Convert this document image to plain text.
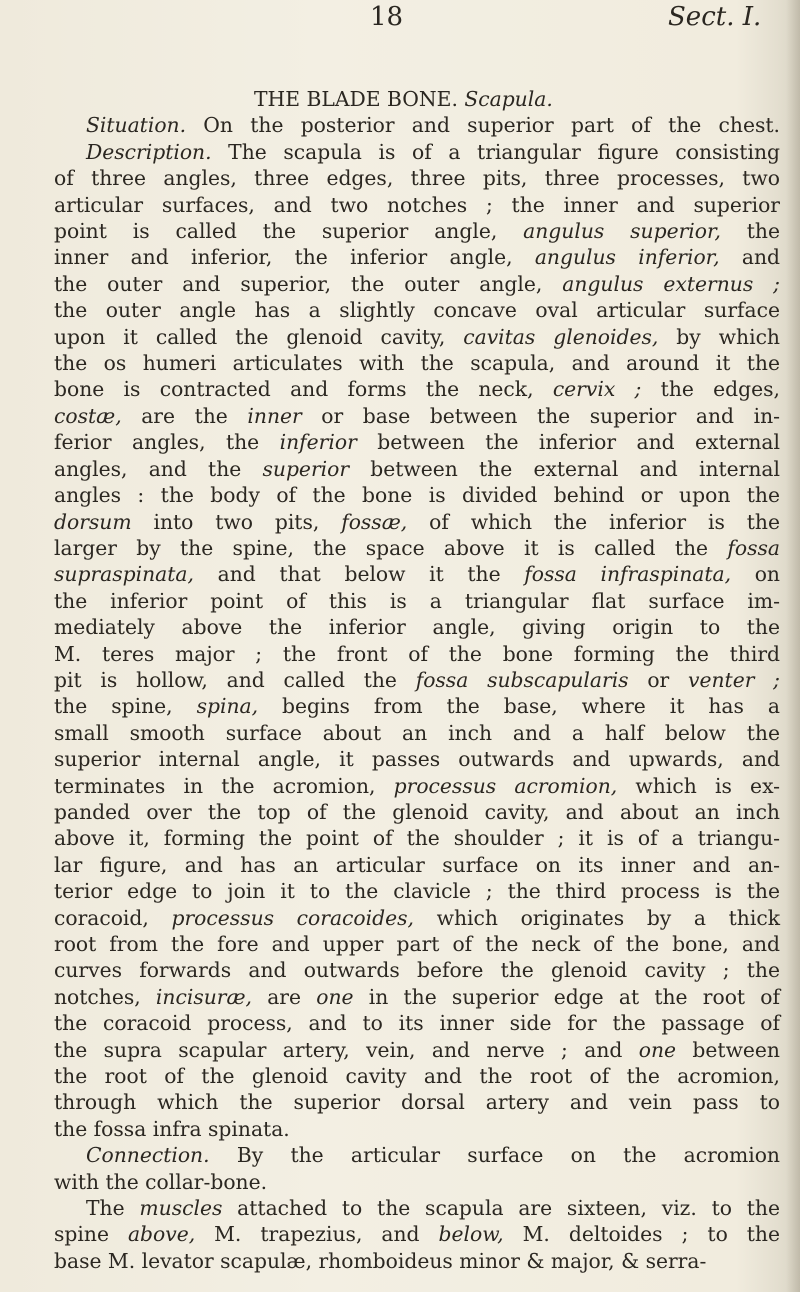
18	Sect. I.
THE BLADE BONE. Scapula.
Situation. On the posterior and superior part of the chest.
Description. The scapula is of a triangular figure consisting
of three angles, three edges, three pits, three processes, two
articular surfaces, and two notches ; the inner and superior
point is called the superior angle, angulus superior, the
inner and inferior, the inferior angle, angulus inferior, and
the outer and superior, the outer angle, angulus externus ;
the outer angle has a slightly concave oval articular surface
upon it called the glenoid cavity, cavitas glenoides, by which
the os humeri articulates with the scapula, and around it the
bone is contracted and forms the neck, cervix ; the edges,
costæ, are the inner or base between the superior and in-
ferior angles, the inferior between the inferior and external
angles, and the superior between the external and internal
angles : the body of the bone is divided behind or upon the
dorsum into two pits, fossæ, of which the inferior is the
larger by the spine, the space above it is called the fossa
supraspinata, and that below it the fossa infraspinata, on
the inferior point of this is a triangular flat surface im-
mediately above the inferior angle, giving origin to the
M. teres major ; the front of the bone forming the third
pit is hollow, and called the fossa subscapularis or venter ;
the spine, spina, begins from the base, where it has a
small smooth surface about an inch and a half below the
superior internal angle, it passes outwards and upwards, and
terminates in the acromion, processus acromion, which is ex-
panded over the top of the glenoid cavity, and about an inch
above it, forming the point of the shoulder ; it is of a triangu-
lar figure, and has an articular surface on its inner and an-
terior edge to join it to the clavicle ; the third process is the
coracoid, processus coracoides, which originates by a thick
root from the fore and upper part of the neck of the bone, and
curves forwards and outwards before the glenoid cavity ; the
notches, incisuræ, are one in the superior edge at the root of
the coracoid process, and to its inner side for the passage of
the supra scapular artery, vein, and nerve ; and one between
the root of the glenoid cavity and the root of the acromion,
through which the superior dorsal artery and vein pass to
the fossa infra spinata.
Connection. By the articular surface on the acromion
with the collar-bone.
The muscles attached to the scapula are sixteen, viz. to the
spine above, M. trapezius, and below, M. deltoides ; to the
base M. levator scapulæ, rhomboideus minor & major, & serra-
